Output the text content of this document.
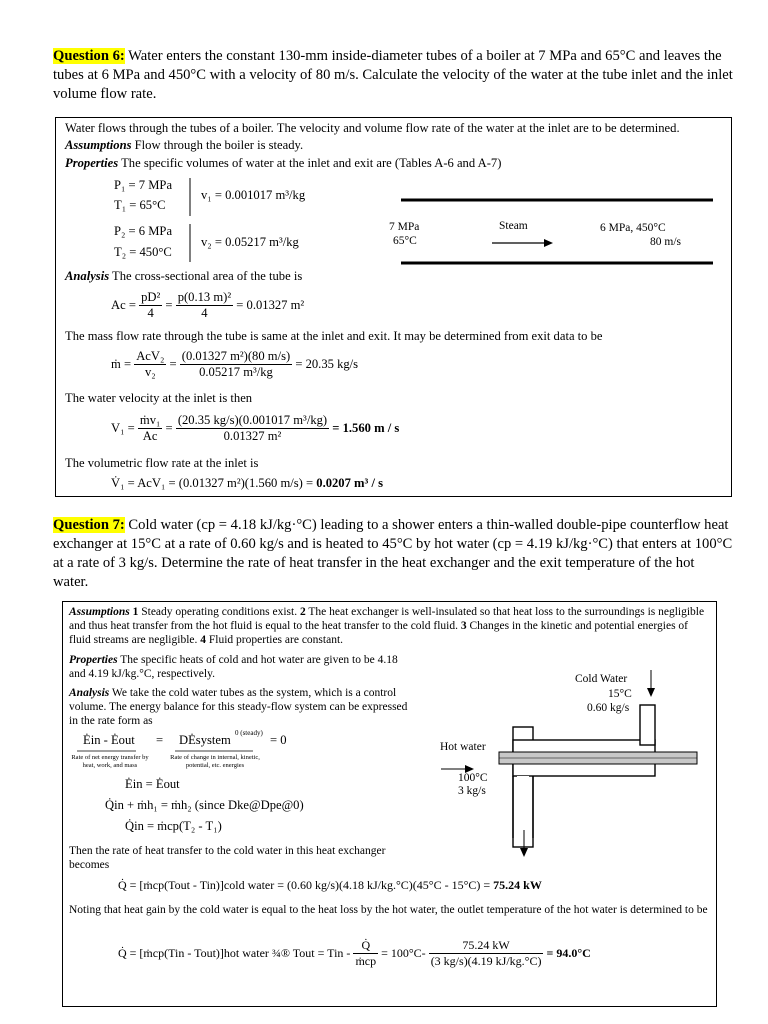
Question 6: Water enters the constant 130-mm inside-diameter tubes of a boiler at 7 MPa and 65°C and leaves the tubes at 6 MPa and 450°C with a velocity of 80 m/s. Calculate the velocity of the water at the tube inlet and the inlet volume flow rate.
Water flows through the tubes of a boiler. The velocity and volume flow rate of the water at the inlet are to be determined.
Assumptions Flow through the boiler is steady.
Properties The specific volumes of water at the inlet and exit are (Tables A-6 and A-7)
P₁ = 7 MPa
T₁ = 65°C
v₁ = 0.001017 m³/kg
P₂ = 6 MPa
T₂ = 450°C
v₂ = 0.05217 m³/kg
7 MPa
65°C
Steam	6 MPa, 450°C
80 m/s
Analysis The cross-sectional area of the tube is
$Ac = \frac{\text{pD²}}{4} = \frac{\text{p(0.13 m)²}}{4} = 0.01327$ m²
The mass flow rate through the tube is same at the inlet and exit. It may be determined from exit data to be
ṁ = $\frac{\text{AcV₂}}{\text{v₂}} = \frac{\text{(0.01327 m²)(80 m/s)}}{\text{0.05217 m³/kg}} = 20.35$ kg/s
The water velocity at the inlet is then
$V_1 = \frac{\text{ṁv₁}}{Ac} = \frac{\text{(20.35 kg/s)(0.001017 m³/kg)}}{\text{0.01327 m²}} = 1.560$ m / s
The volumetric flow rate at the inlet is
V̇₁ = AcV₁ = (0.01327 m²)(1.560 m/s) = 0.0207 m³ / s
Question 7: Cold water (cp = 4.18 kJ/kg·°C) leading to a shower enters a thin-walled double-pipe counterflow heat exchanger at 15°C at a rate of 0.60 kg/s and is heated to 45°C by hot water (cp = 4.19 kJ/kg·°C) that enters at 100°C at a rate of 3 kg/s. Determine the rate of heat transfer in the heat exchanger and the exit temperature of the hot water.
Assumptions 1 Steady operating conditions exist. 2 The heat exchanger is well-insulated so that heat loss to the surroundings is negligible and thus heat transfer from the hot fluid is equal to the heat transfer to the cold fluid. 3 Changes in the kinetic and potential energies of fluid streams are negligible. 4 Fluid properties are constant.
Properties The specific heats of cold and hot water are given to be 4.18 and 4.19 kJ/kg.°C, respectively.
Analysis We take the cold water tubes as the system, which is a control volume. The energy balance for this steady-flow system can be expressed in the rate form as
Ėin - Ėout = DĖsystem 0 (steady) = 0
Rate of net energy transfer by heat, work, and mass
Rate of change in internal, kinetic, potential, etc. energies
Ėin = Ėout
Q̇in + ṁh₁ = ṁh₂ (since Dke@Dpe@0)
Q̇in = ṁcp(T₂ - T₁)
Then the rate of heat transfer to the cold water in this heat exchanger becomes
Q̇ = [ṁcp(Tout - Tin)]cold water = (0.60 kg/s)(4.18 kJ/kg.°C)(45°C - 15°C) = 75.24 kW
Noting that heat gain by the cold water is equal to the heat loss by the hot water, the outlet temperature of the hot water is determined to be
Q̇ = [ṁcp(Tin - Tout)]hot water ¾® Tout = Tin - $\frac{Q̇}{\text{ṁcp}} = 100^\circ C- \frac{75.24 kW}{(3 kg/s)(4.19 kJ/kg.^\circ C)} = 94.0^\circ C$
Cold Water
15°C
0.60 kg/s
Hot water
100°C
3 kg/s
